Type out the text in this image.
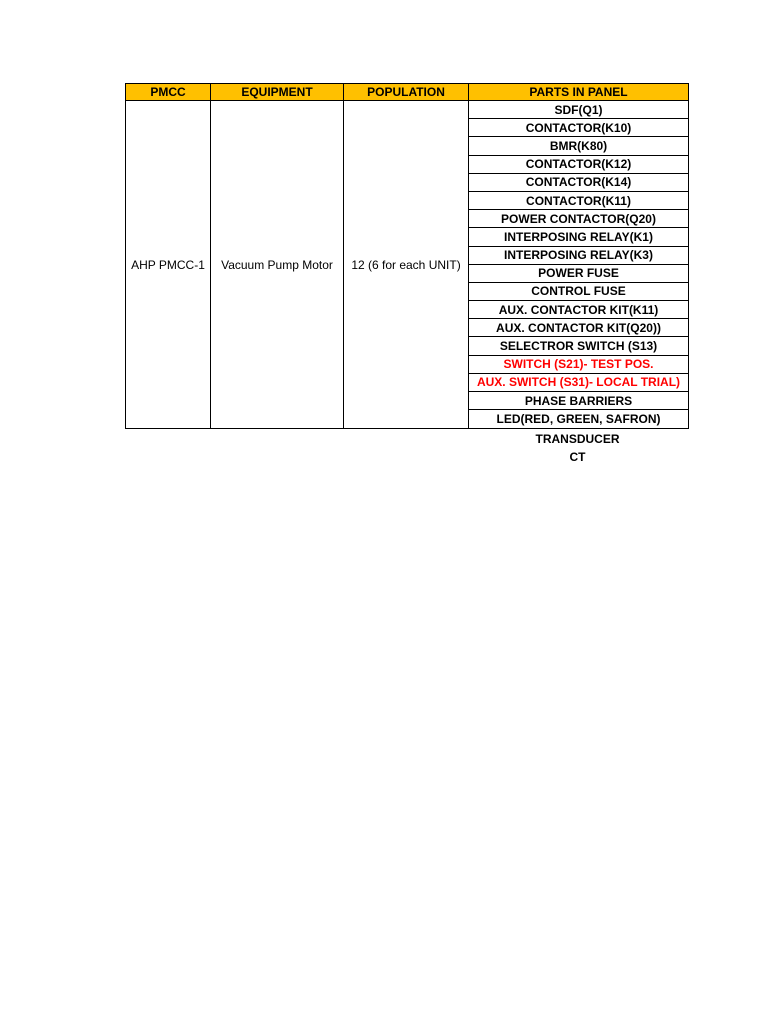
PMCC	EQUIPMENT	POPULATION	PARTS IN PANEL
AHP PMCC-1	Vacuum Pump Motor	12 (6 for each UNIT)
SDF(Q1)
CONTACTOR(K10)
BMR(K80)
CONTACTOR(K12)
CONTACTOR(K14)
CONTACTOR(K11)
POWER CONTACTOR(Q20)
INTERPOSING RELAY(K1)
INTERPOSING RELAY(K3)
POWER FUSE
CONTROL FUSE
AUX. CONTACTOR KIT(K11)
AUX. CONTACTOR KIT(Q20))
SELECTROR SWITCH (S13)
SWITCH (S21)- TEST POS.
AUX. SWITCH (S31)- LOCAL TRIAL)
PHASE BARRIERS
LED(RED, GREEN, SAFRON)
TRANSDUCER
CT
